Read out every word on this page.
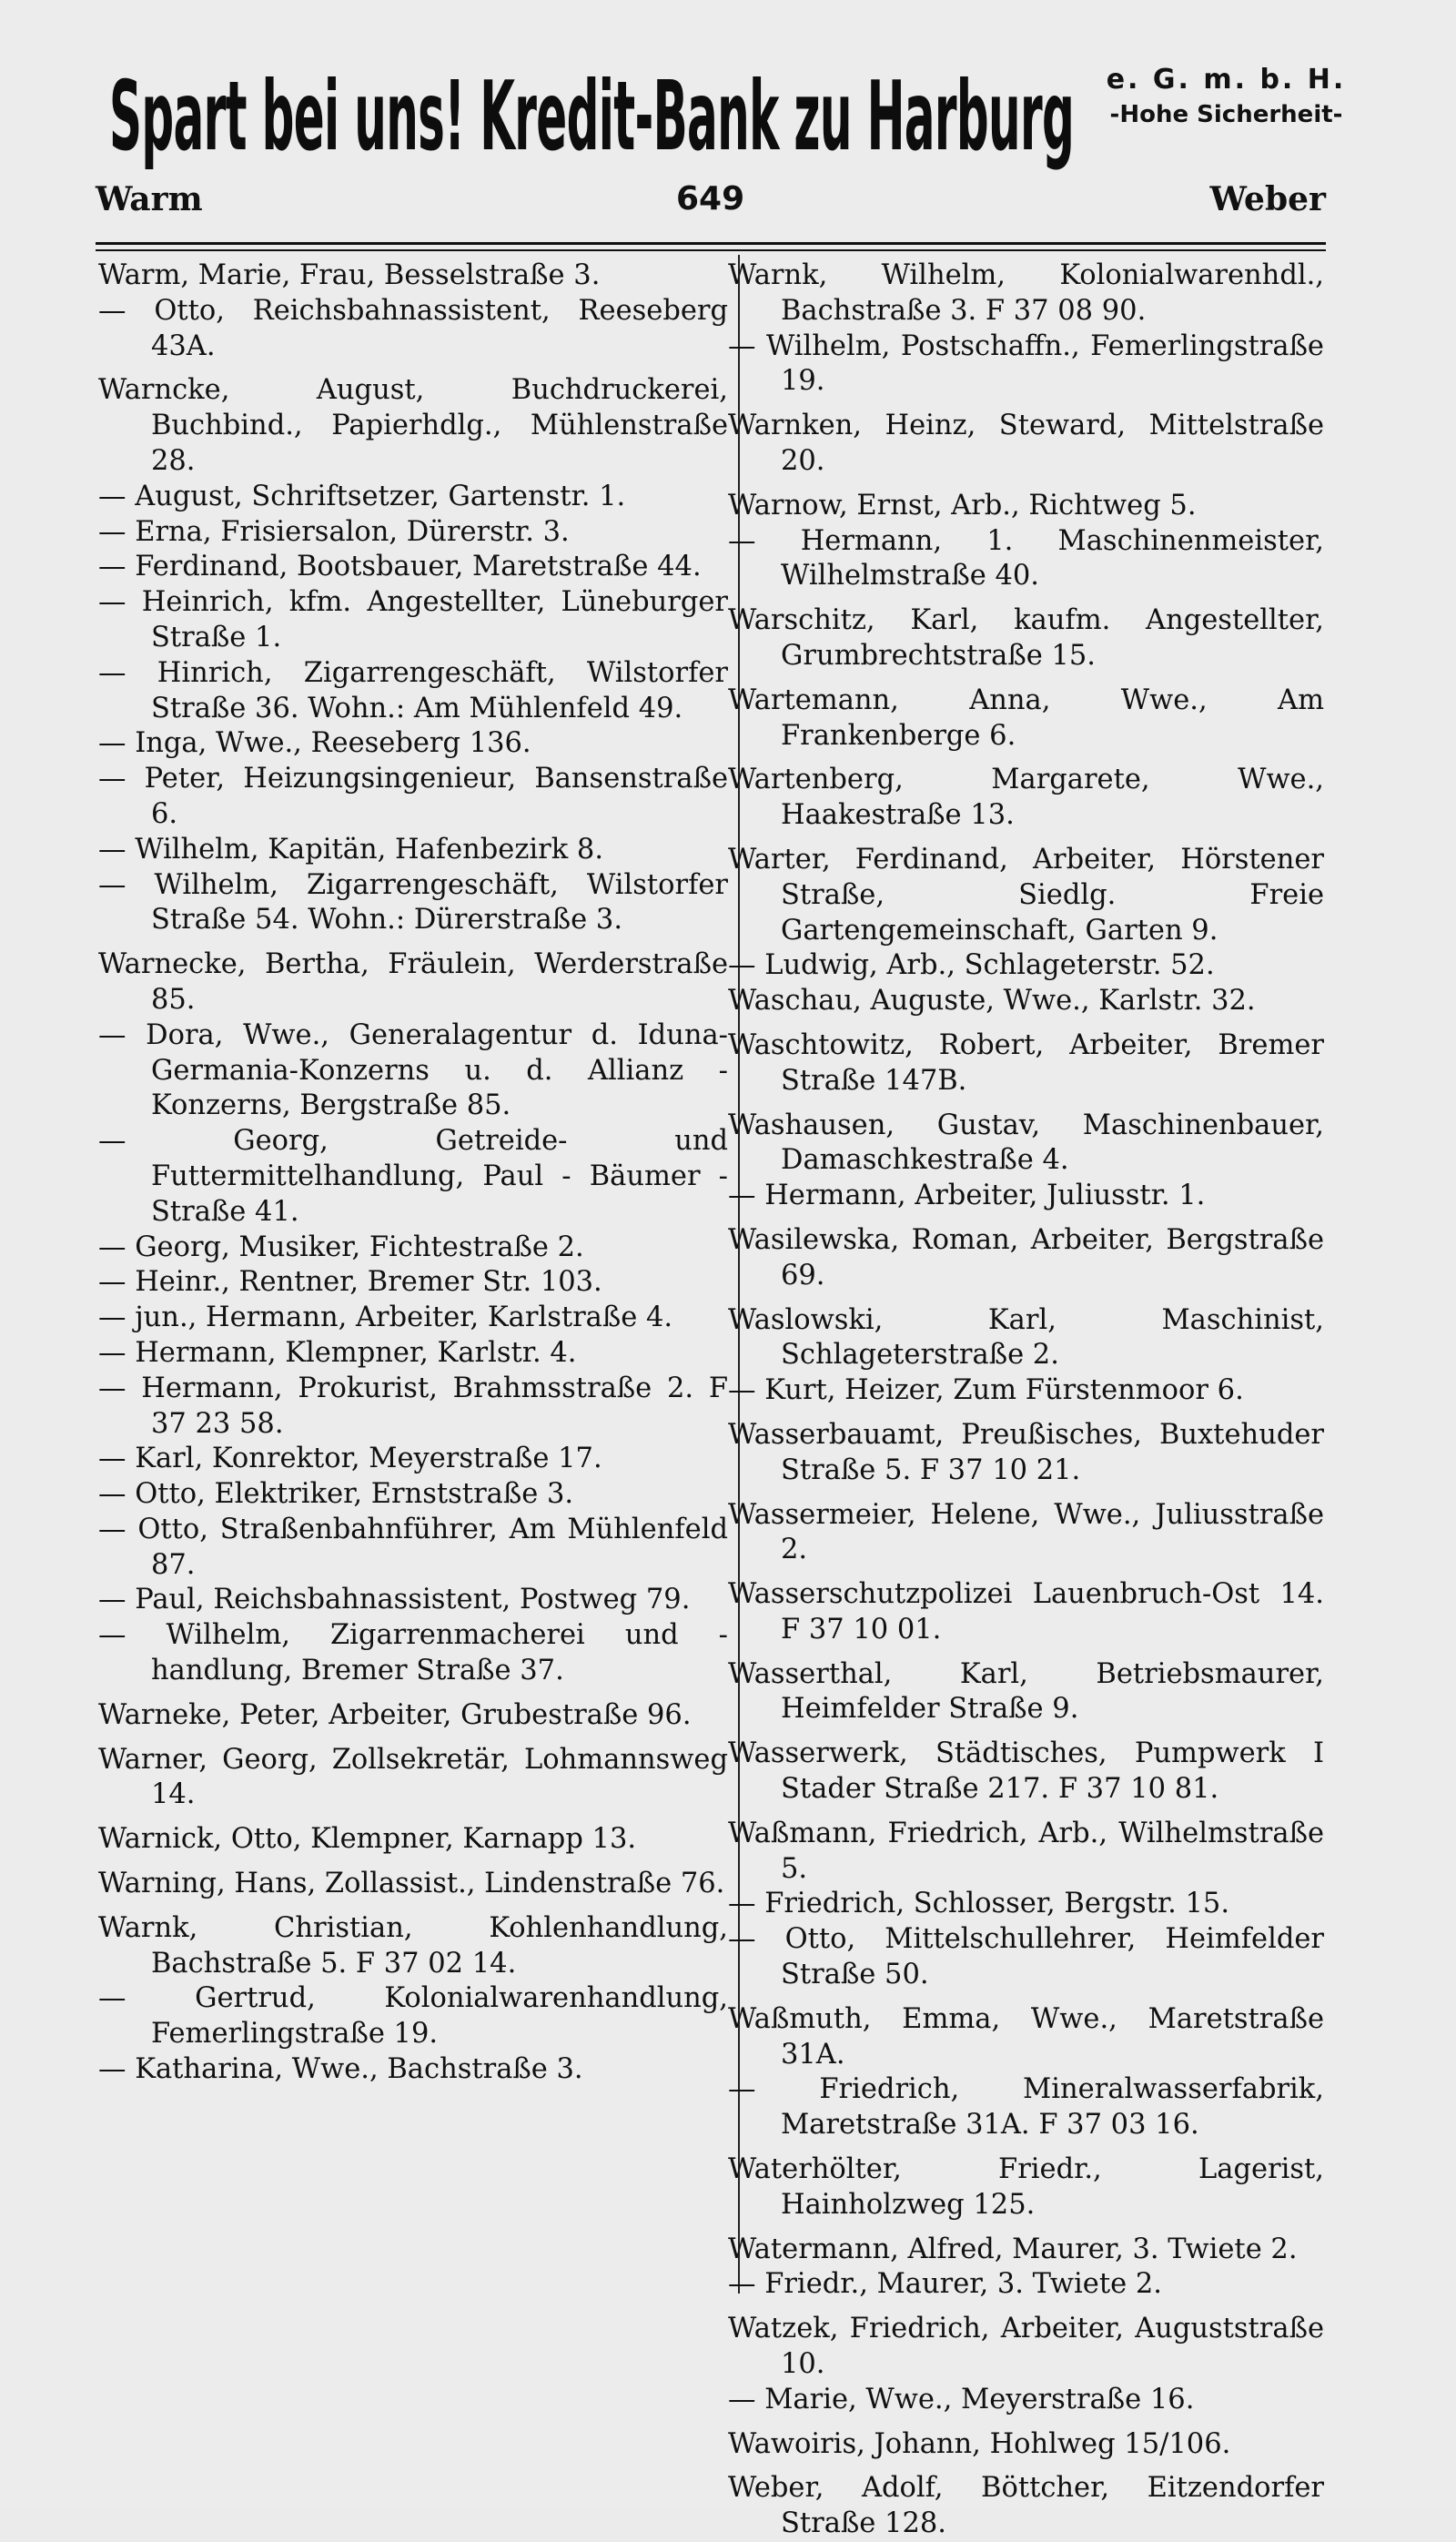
Spart bei uns! Kredit-Bank zu Harburg e. G. m. b. H.
-Hohe Sicherheit-
Warm	649	Weber
Warm, Marie, Frau, Besselstraße 3.
— Otto, Reichsbahnassistent, Reeseberg 43A.
Warncke, August, Buchdruckerei, Buchbind., Papierhdlg., Mühlenstraße 28.
— August, Schriftsetzer, Gartenstr. 1.
— Erna, Frisiersalon, Dürerstr. 3.
— Ferdinand, Bootsbauer, Maretstraße 44.
— Heinrich, kfm. Angestellter, Lüneburger Straße 1.
— Hinrich, Zigarrengeschäft, Wilstorfer Straße 36. Wohn.: Am Mühlenfeld 49.
— Inga, Wwe., Reeseberg 136.
— Peter, Heizungsingenieur, Bansenstraße 6.
— Wilhelm, Kapitän, Hafenbezirk 8.
— Wilhelm, Zigarrengeschäft, Wilstorfer Straße 54. Wohn.: Dürerstraße 3.
Warnecke, Bertha, Fräulein, Werderstraße 85.
— Dora, Wwe., Generalagentur d. Iduna-Germania-Konzerns u. d. Allianz - Konzerns, Bergstraße 85.
— Georg, Getreide- und Futtermittelhandlung, Paul - Bäumer - Straße 41.
— Georg, Musiker, Fichtestraße 2.
— Heinr., Rentner, Bremer Str. 103.
— jun., Hermann, Arbeiter, Karlstraße 4.
— Hermann, Klempner, Karlstr. 4.
— Hermann, Prokurist, Brahmsstraße 2. F 37 23 58.
— Karl, Konrektor, Meyerstraße 17.
— Otto, Elektriker, Ernststraße 3.
— Otto, Straßenbahnführer, Am Mühlenfeld 87.
— Paul, Reichsbahnassistent, Postweg 79.
— Wilhelm, Zigarrenmacherei und -handlung, Bremer Straße 37.
Warneke, Peter, Arbeiter, Grubestraße 96.
Warner, Georg, Zollsekretär, Lohmannsweg 14.
Warnick, Otto, Klempner, Karnapp 13.
Warning, Hans, Zollassist., Lindenstraße 76.
Warnk, Christian, Kohlenhandlung, Bachstraße 5. F 37 02 14.
— Gertrud, Kolonialwarenhandlung, Femerlingstraße 19.
— Katharina, Wwe., Bachstraße 3.
Warnk, Wilhelm, Kolonialwarenhdl., Bachstraße 3. F 37 08 90.
— Wilhelm, Postschaffn., Femerlingstraße 19.
Warnken, Heinz, Steward, Mittelstraße 20.
Warnow, Ernst, Arb., Richtweg 5.
— Hermann, 1. Maschinenmeister, Wilhelmstraße 40.
Warschitz, Karl, kaufm. Angestellter, Grumbrechtstraße 15.
Wartemann, Anna, Wwe., Am Frankenberge 6.
Wartenberg, Margarete, Wwe., Haakestraße 13.
Warter, Ferdinand, Arbeiter, Hörstener Straße, Siedlg. Freie Gartengemeinschaft, Garten 9.
— Ludwig, Arb., Schlageterstr. 52.
Waschau, Auguste, Wwe., Karlstr. 32.
Waschtowitz, Robert, Arbeiter, Bremer Straße 147B.
Washausen, Gustav, Maschinenbauer, Damaschkestraße 4.
— Hermann, Arbeiter, Juliusstr. 1.
Wasilewska, Roman, Arbeiter, Bergstraße 69.
Waslowski, Karl, Maschinist, Schlageterstraße 2.
— Kurt, Heizer, Zum Fürstenmoor 6.
Wasserbauamt, Preußisches, Buxtehuder Straße 5. F 37 10 21.
Wassermeier, Helene, Wwe., Juliusstraße 2.
Wasserschutzpolizei Lauenbruch-Ost 14. F 37 10 01.
Wasserthal, Karl, Betriebsmaurer, Heimfelder Straße 9.
Wasserwerk, Städtisches, Pumpwerk I Stader Straße 217. F 37 10 81.
Waßmann, Friedrich, Arb., Wilhelmstraße 5.
— Friedrich, Schlosser, Bergstr. 15.
— Otto, Mittelschullehrer, Heimfelder Straße 50.
Waßmuth, Emma, Wwe., Maretstraße 31A.
— Friedrich, Mineralwasserfabrik, Maretstraße 31A. F 37 03 16.
Waterhölter, Friedr., Lagerist, Hainholzweg 125.
Watermann, Alfred, Maurer, 3. Twiete 2.
— Friedr., Maurer, 3. Twiete 2.
Watzek, Friedrich, Arbeiter, Auguststraße 10.
— Marie, Wwe., Meyerstraße 16.
Wawoiris, Johann, Hohlweg 15/106.
Weber, Adolf, Böttcher, Eitzendorfer Straße 128.
